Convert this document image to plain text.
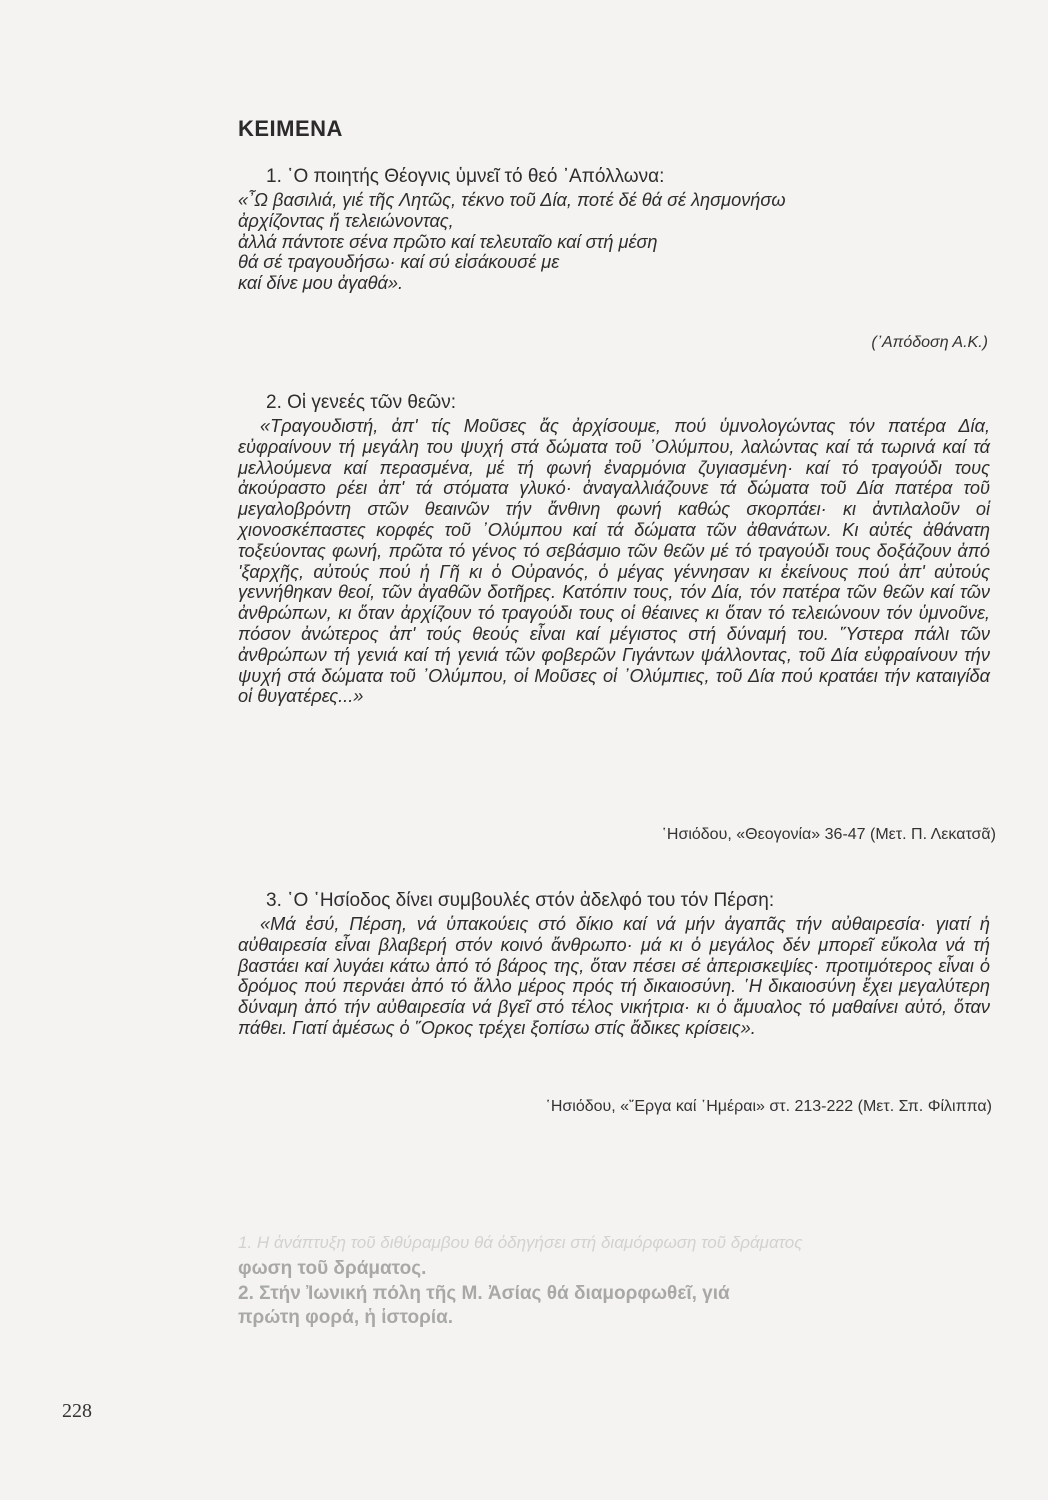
1. Η ἀνάπτυξη τοῦ διθύραμβου θά ὁδηγήσει στή διαμόρφωση τοῦ δράματος
φωση τοῦ δράματος.
2. Στήν Ἰωνική πόλη τῆς Μ. Ἀσίας θά διαμορφωθεῖ, γιά
πρώτη φορά, ἡ ἱστορία.
ΚΕΙΜΕΝΑ
1. ῾Ο ποιητής Θέογνις ὑμνεῖ τό θεό ᾿Απόλλωνα:
«῏Ω βασιλιά, γιέ τῆς Λητῶς, τέκνο τοῦ Δία, ποτέ δέ θά σέ λησμονήσω
ἀρχίζοντας ἤ τελειώνοντας,
ἀλλά πάντοτε σένα πρῶτο καί τελευταῖο καί στή μέση
θά σέ τραγουδήσω· καί σύ εἰσάκουσέ με
καί δίνε μου ἀγαθά».
(᾿Απόδοση Α.Κ.)
2. Οἱ γενεές τῶν θεῶν:
«Τραγουδιστή, ἀπ' τίς Μοῦσες ἄς ἀρχίσουμε, πού ὑμνολογώντας τόν πατέρα Δία, εὐφραίνουν τή μεγάλη του ψυχή στά δώματα τοῦ ᾿Ολύμπου, λαλώντας καί τά τωρινά καί τά μελλούμενα καί περασμένα, μέ τή φωνή ἐναρμόνια ζυγιασμένη· καί τό τραγούδι τους ἀκούραστο ρέει ἀπ' τά στόματα γλυκό· ἀναγαλλιάζουνε τά δώματα τοῦ Δία πατέρα τοῦ μεγαλοβρόντη στῶν θεαινῶν τήν ἄνθινη φωνή καθώς σκορπάει· κι ἀντιλαλοῦν οἱ χιονοσκέπαστες κορφές τοῦ ᾿Ολύμπου καί τά δώματα τῶν ἀθανάτων. Κι αὐτές ἀθάνατη τοξεύοντας φωνή, πρῶτα τό γένος τό σεβάσμιο τῶν θεῶν μέ τό τραγούδι τους δοξάζουν ἀπό 'ξαρχῆς, αὐτούς πού ἡ Γῆ κι ὁ Οὐρανός, ὁ μέγας γέννησαν κι ἐκείνους πού ἀπ' αὐτούς γεννήθηκαν θεοί, τῶν ἀγαθῶν δοτῆρες. Κατόπιν τους, τόν Δία, τόν πατέρα τῶν θεῶν καί τῶν ἀνθρώπων, κι ὅταν ἀρχίζουν τό τραγούδι τους οἱ θέαινες κι ὅταν τό τελειώνουν τόν ὑμνοῦνε, πόσον ἀνώτερος ἀπ' τούς θεούς εἶναι καί μέγιστος στή δύναμή του. ῞Υστερα πάλι τῶν ἀνθρώπων τή γενιά καί τή γενιά τῶν φοβερῶν Γιγάντων ψάλλοντας, τοῦ Δία εὐφραίνουν τήν ψυχή στά δώματα τοῦ ᾿Ολύμπου, οἱ Μοῦσες οἱ ᾿Ολύμπιες, τοῦ Δία πού κρατάει τήν καταιγίδα οἱ θυγατέρες...»
῾Ησιόδου, «Θεογονία» 36-47 (Μετ. Π. Λεκατσᾶ)
3. ῾Ο ῾Ησίοδος δίνει συμβουλές στόν ἀδελφό του τόν Πέρση:
«Μά ἐσύ, Πέρση, νά ὑπακούεις στό δίκιο καί νά μήν ἀγαπᾶς τήν αὐθαιρεσία· γιατί ἡ αὐθαιρεσία εἶναι βλαβερή στόν κοινό ἄνθρωπο· μά κι ὁ μεγάλος δέν μπορεῖ εὔκολα νά τή βαστάει καί λυγάει κάτω ἀπό τό βάρος της, ὅταν πέσει σέ ἀπερισκεψίες· προτιμότερος εἶναι ὁ δρόμος πού περνάει ἀπό τό ἄλλο μέρος πρός τή δικαιοσύνη. ῾Η δικαιοσύνη ἔχει μεγαλύτερη δύναμη ἀπό τήν αὐθαιρεσία νά βγεῖ στό τέλος νικήτρια· κι ὁ ἄμυαλος τό μαθαίνει αὐτό, ὅταν πάθει. Γιατί ἀμέσως ὁ ῞Ορκος τρέχει ξοπίσω στίς ἄδικες κρίσεις».
῾Ησιόδου, «῎Εργα καί ῾Ημέραι» στ. 213-222 (Μετ. Σπ. Φίλιππα)
228
